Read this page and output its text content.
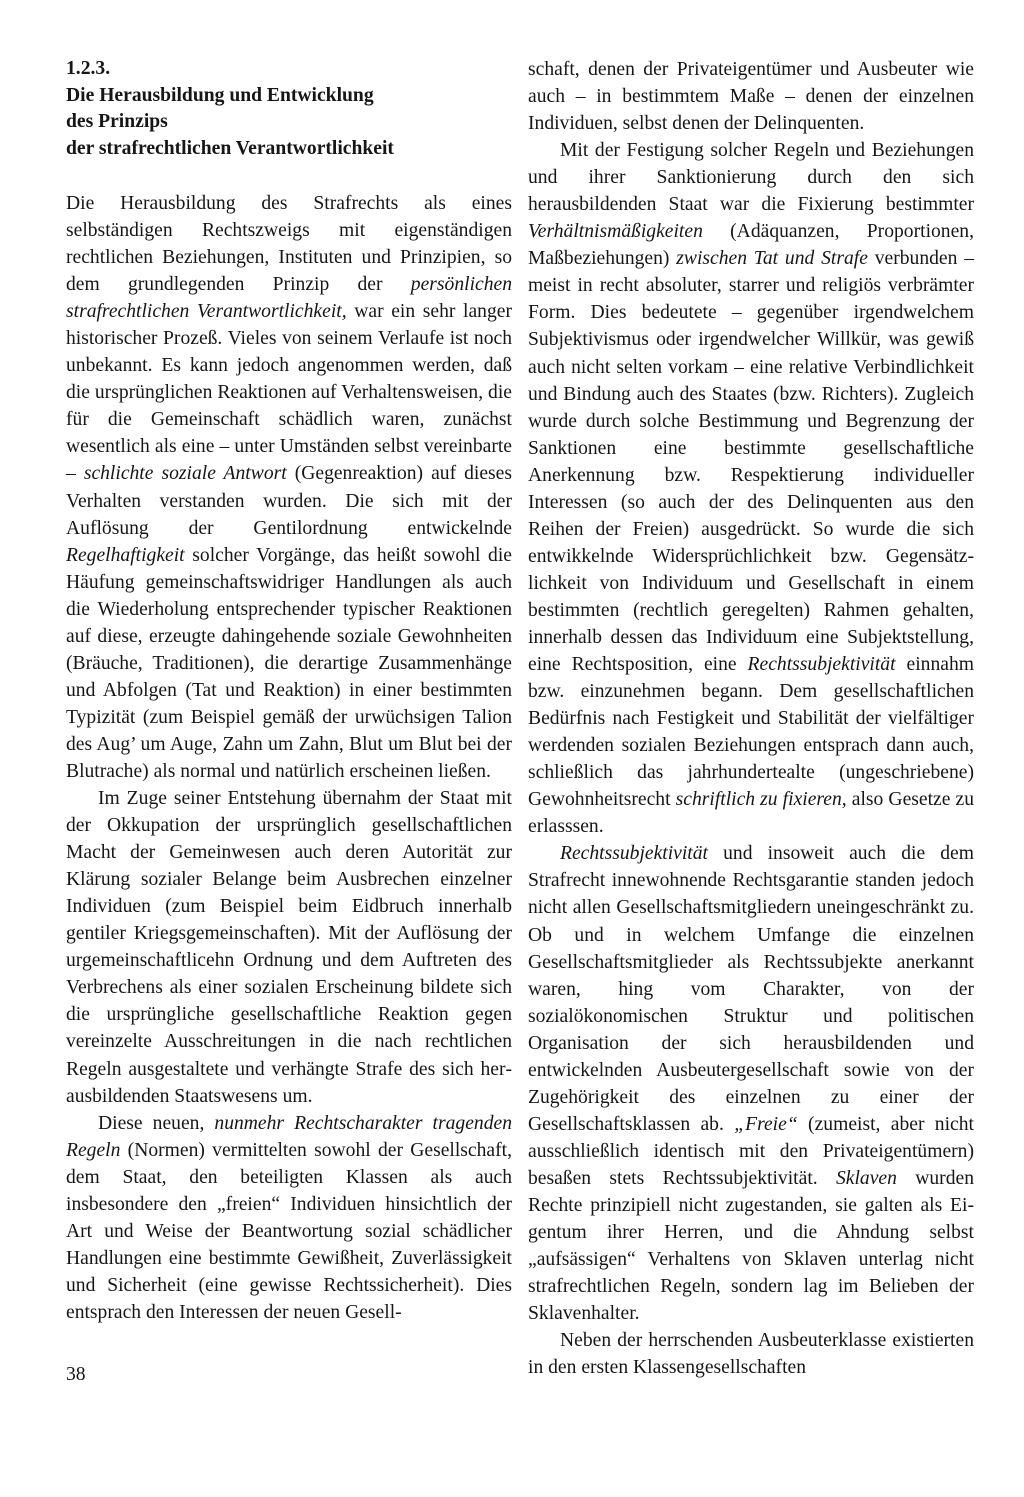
1.2.3.
Die Herausbildung und Entwicklung
des Prinzips
der strafrechtlichen Verantwortlichkeit

Die Herausbildung des Strafrechts als eines selbständigen Rechtszweigs mit eigenständigen rechtlichen Beziehungen, Instituten und Prinzipien, so dem grundlegenden Prinzip der persönlichen strafrechtlichen Verantwortlichkeit, war ein sehr langer historischer Prozeß. Vieles von seinem Verlaufe ist noch unbekannt. Es kann jedoch angenommen werden, daß die ursprünglichen Reaktionen auf Verhaltensweisen, die für die Gemeinschaft schädlich waren, zunächst wesentlich als eine – unter Umständen selbst vereinbarte – schlichte soziale Antwort (Gegenreaktion) auf dieses Verhalten verstanden wurden. Die sich mit der Auflösung der Gentilordnung entwickelnde Regelhaftigkeit solcher Vorgänge, das heißt sowohl die Häufung gemeinschaftswidriger Handlungen als auch die Wiederholung entsprechender typischer Reaktionen auf diese, erzeugte dahingehende soziale Gewohnheiten (Bräuche, Traditionen), die derartige Zusammenhänge und Abfolgen (Tat und Reaktion) in einer bestimmten Typizität (zum Beispiel gemäß der urwüchsigen Talion des Aug’ um Auge, Zahn um Zahn, Blut um Blut bei der Blutrache) als normal und natürlich erscheinen ließen.

Im Zuge seiner Entstehung übernahm der Staat mit der Okkupation der ursprünglich gesellschaftlichen Macht der Gemeinwesen auch deren Autorität zur Klärung sozialer Belange beim Ausbrechen einzelner Individuen (zum Beispiel beim Eidbruch innerhalb gentiler Kriegsgemeinschaften). Mit der Auflösung der urgemeinschaftlicehn Ordnung und dem Auftreten des Verbrechens als einer sozialen Erscheinung bildete sich die ursprüngliche gesellschaftliche Reaktion gegen vereinzelte Ausschreitungen in die nach rechtlichen Regeln ausgestaltete und verhängte Strafe des sich herausbildenden Staatswesens um.

Diese neuen, nunmehr Rechtscharakter tragenden Regeln (Normen) vermittelten sowohl der Gesellschaft, dem Staat, den beteiligten Klassen als auch insbesondere den „freien“ Individuen hinsichtlich der Art und Weise der Beantwortung sozial schädlicher Handlungen eine bestimmte Gewißheit, Zuverlässigkeit und Sicherheit (eine gewisse Rechtssicherheit). Dies entsprach den Interessen der neuen Gesell-

schaft, denen der Privateigentümer und Ausbeuter wie auch – in bestimmtem Maße – denen der einzelnen Individuen, selbst denen der Delinquenten.

Mit der Festigung solcher Regeln und Beziehungen und ihrer Sanktionierung durch den sich herausbildenden Staat war die Fixierung bestimmter Verhältnismäßigkeiten (Adäquanzen, Proportionen, Maßbeziehungen) zwischen Tat und Strafe verbunden – meist in recht absoluter, starrer und religiös verbrämter Form. Dies bedeutete – gegenüber irgendwelchem Subjektivismus oder irgendwelcher Willkür, was gewiß auch nicht selten vorkam – eine relative Verbindlichkeit und Bindung auch des Staates (bzw. Richters). Zugleich wurde durch solche Bestimmung und Begrenzung der Sanktionen eine bestimmte gesellschaftliche Anerkennung bzw. Respektierung individueller Interessen (so auch der des Delinquenten aus den Reihen der Freien) ausgedrückt. So wurde die sich entwikkelnde Widersprüchlichkeit bzw. Gegensätzlichkeit von Individuum und Gesellschaft in einem bestimmten (rechtlich geregelten) Rahmen gehalten, innerhalb dessen das Individuum eine Subjektstellung, eine Rechtsposition, eine Rechtssubjektivität einnahm bzw. einzunehmen begann. Dem gesellschaftlichen Bedürfnis nach Festigkeit und Stabilität der vielfältiger werdenden sozialen Beziehungen entsprach dann auch, schließlich das jahrhundertealte (ungeschriebene) Gewohnheitsrecht schriftlich zu fixieren, also Gesetze zu erlasssen.

Rechtssubjektivität und insoweit auch die dem Strafrecht innewohnende Rechtsgarantie standen jedoch nicht allen Gesellschaftsmitgliedern uneingeschränkt zu. Ob und in welchem Umfange die einzelnen Gesellschaftsmitglieder als Rechtssubjekte anerkannt waren, hing vom Charakter, von der sozialökonomischen Struktur und politischen Organisation der sich herausbildenden und entwickelnden Ausbeutergesellschaft sowie von der Zugehörigkeit des einzelnen zu einer der Gesellschaftsklassen ab. „Freie“ (zumeist, aber nicht ausschließlich identisch mit den Privateigentümern) besaßen stets Rechtssubjektivität. Sklaven wurden Rechte prinzipiell nicht zugestanden, sie galten als Eigentum ihrer Herren, und die Ahndung selbst „aufsässigen“ Verhaltens von Sklaven unterlag nicht strafrechtlichen Regeln, sondern lag im Belieben der Sklavenhalter.

Neben der herrschenden Ausbeuterklasse existierten in den ersten Klassengesellschaften

38
